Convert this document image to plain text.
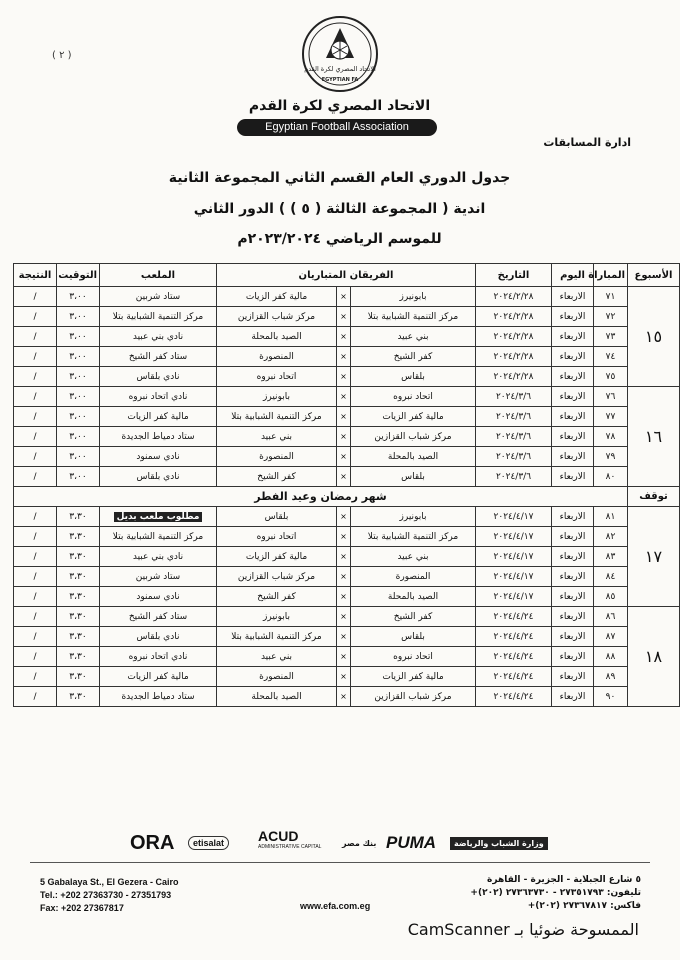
( ٢ )
الاتحاد المصري لكرة القدم
EGYPTIAN FA
الاتحاد المصري لكرة القدم
Egyptian Football Association
ادارة المسابقات
جدول الدوري العام القسم الثاني المجموعة الثانية
اندية ( المجموعة الثالثة ( ٥ ) ) الدور الثاني
للموسم الرياضي ٢٠٢٣/٢٠٢٤م
الأسبوع	المباراة	اليوم	التاريخ	الفريقان المتباريان			الملعب	التوقيت	النتيجة
١٥	٧١	الاربعاء	٢٠٢٤/٢/٢٨	بابونيرز	×	مالية كفر الزيات	ستاد شربين	٣،٠٠	/
	٧٢	الاربعاء	٢٠٢٤/٢/٢٨	مركز التنمية الشبابية بتلا	×	مركز شباب القزازين	مركز التنمية الشبابية بتلا	٣،٠٠	/
	٧٣	الاربعاء	٢٠٢٤/٢/٢٨	بني عبيد	×	الصيد بالمحلة	نادي بني عبيد	٣،٠٠	/
	٧٤	الاربعاء	٢٠٢٤/٢/٢٨	كفر الشيخ	×	المنصورة	ستاد كفر الشيخ	٣،٠٠	/
	٧٥	الاربعاء	٢٠٢٤/٢/٢٨	بلقاس	×	اتحاد نبروه	نادي بلقاس	٣،٠٠	/
١٦	٧٦	الاربعاء	٢٠٢٤/٣/٦	اتحاد نبروه	×	بابونيرز	نادي اتحاد نبروه	٣،٠٠	/
	٧٧	الاربعاء	٢٠٢٤/٣/٦	مالية كفر الزيات	×	مركز التنمية الشبابية بتلا	مالية كفر الزيات	٣،٠٠	/
	٧٨	الاربعاء	٢٠٢٤/٣/٦	مركز شباب القزازين	×	بني عبيد	ستاد دمياط الجديدة	٣،٠٠	/
	٧٩	الاربعاء	٢٠٢٤/٣/٦	الصيد بالمحلة	×	المنصورة	نادي سمنود	٣،٠٠	/
	٨٠	الاربعاء	٢٠٢٤/٣/٦	بلقاس	×	كفر الشيخ	نادي بلقاس	٣،٠٠	/
توقف	شهر رمضان وعيد الفطر								
١٧	٨١	الاربعاء	٢٠٢٤/٤/١٧	بابونيرز	×	بلقاس	مطلوب ملعب بديل	٣،٣٠	/
	٨٢	الاربعاء	٢٠٢٤/٤/١٧	مركز التنمية الشبابية بتلا	×	اتحاد نبروه	مركز التنمية الشبابية بتلا	٣،٣٠	/
	٨٣	الاربعاء	٢٠٢٤/٤/١٧	بني عبيد	×	مالية كفر الزيات	نادي بني عبيد	٣،٣٠	/
	٨٤	الاربعاء	٢٠٢٤/٤/١٧	المنصورة	×	مركز شباب القزازين	ستاد شربين	٣،٣٠	/
	٨٥	الاربعاء	٢٠٢٤/٤/١٧	الصيد بالمحلة	×	كفر الشيخ	نادي سمنود	٣،٣٠	/
١٨	٨٦	الاربعاء	٢٠٢٤/٤/٢٤	كفر الشيخ	×	بابونيرز	ستاد كفر الشيخ	٣،٣٠	/
	٨٧	الاربعاء	٢٠٢٤/٤/٢٤	بلقاس	×	مركز التنمية الشبابية بتلا	نادي بلقاس	٣،٣٠	/
	٨٨	الاربعاء	٢٠٢٤/٤/٢٤	اتحاد نبروه	×	بني عبيد	نادي اتحاد نبروه	٣،٣٠	/
	٨٩	الاربعاء	٢٠٢٤/٤/٢٤	مالية كفر الزيات	×	المنصورة	مالية كفر الزيات	٣،٣٠	/
	٩٠	الاربعاء	٢٠٢٤/٤/٢٤	مركز شباب القزازين	×	الصيد بالمحلة	ستاد دمياط الجديدة	٣،٣٠	/
ORA	etisalat	ACUD
ADMINISTRATIVE CAPITAL	بنك مصر PUMA	وزارة الشباب والرياضة
5 Gabalaya St., El Gezera - Cairo
Tel.: +202 27363730 - 27351793
Fax: +202 27367817	www.efa.com.eg
٥ شارع الجبلاية - الجزيرة - القاهرة
تليفون: ٢٧٣٥١٧٩٣ - ٢٧٣٦٣٧٣٠ (٢٠٢)+
فاكس: ٢٧٣٦٧٨١٧ (٢٠٢)+
الممسوحة ضوئيا بـ CamScanner
